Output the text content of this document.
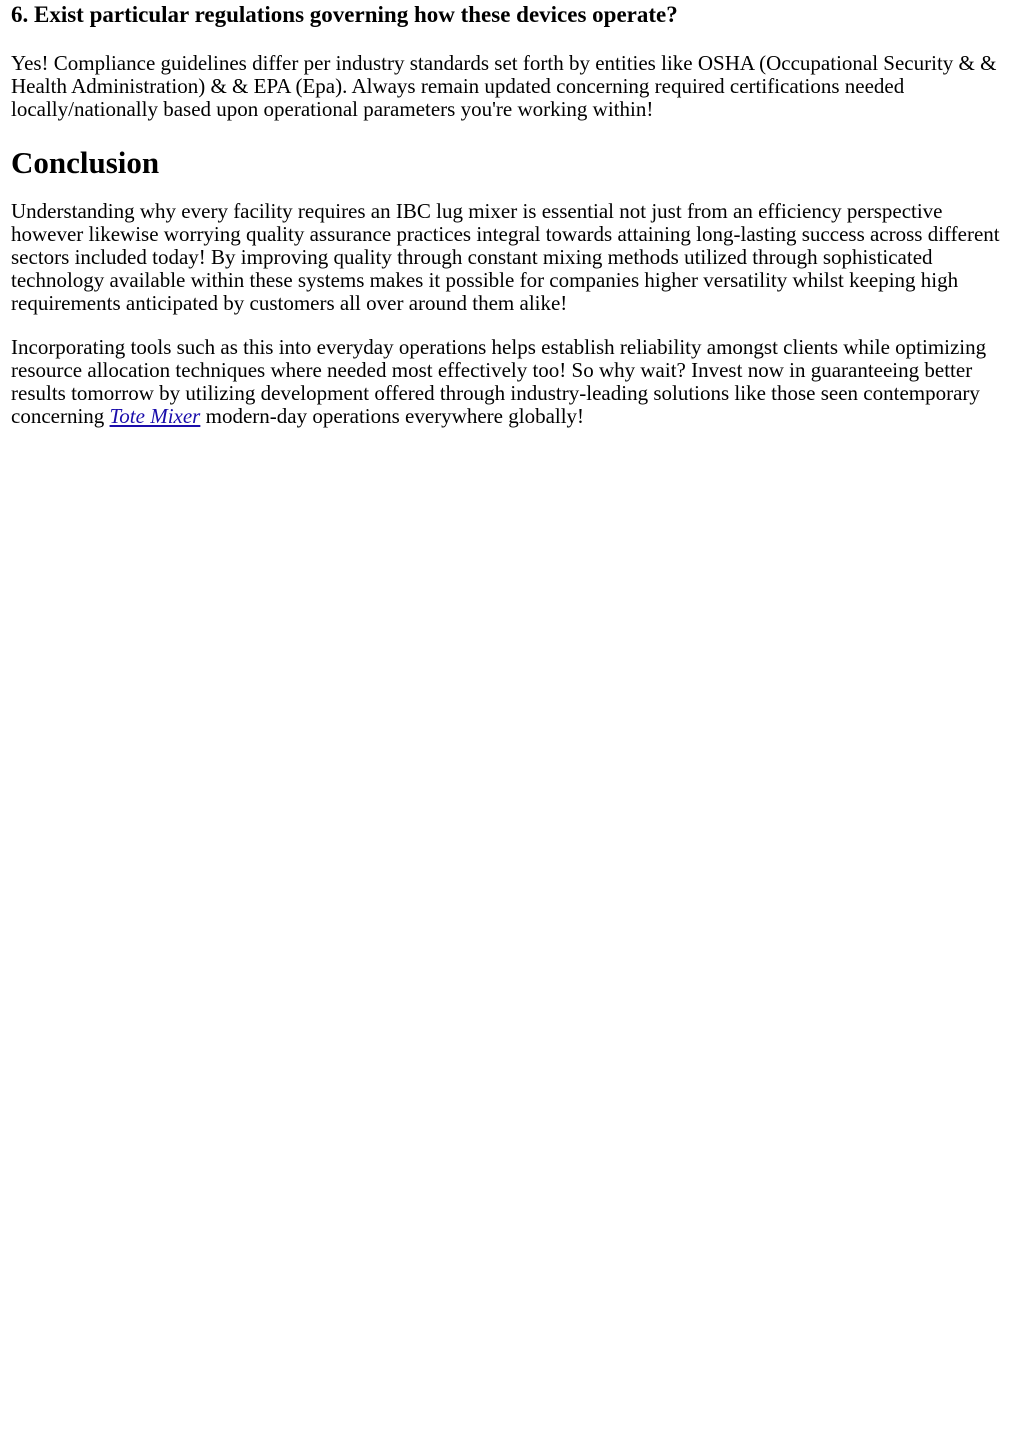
6. Exist particular regulations governing how these devices operate?

Yes! Compliance guidelines differ per industry standards set forth by entities like OSHA (Occupational Security & & Health Administration) & & EPA (Epa). Always remain updated concerning required certifications needed locally/nationally based upon operational parameters you're working within!

Conclusion

Understanding why every facility requires an IBC lug mixer is essential not just from an efficiency perspective however likewise worrying quality assurance practices integral towards attaining long-lasting success across different sectors included today! By improving quality through constant mixing methods utilized through sophisticated technology available within these systems makes it possible for companies higher versatility whilst keeping high requirements anticipated by customers all over around them alike!

Incorporating tools such as this into everyday operations helps establish reliability amongst clients while optimizing resource allocation techniques where needed most effectively too! So why wait? Invest now in guaranteeing better results tomorrow by utilizing development offered through industry-leading solutions like those seen contemporary concerning Tote Mixer modern-day operations everywhere globally!
